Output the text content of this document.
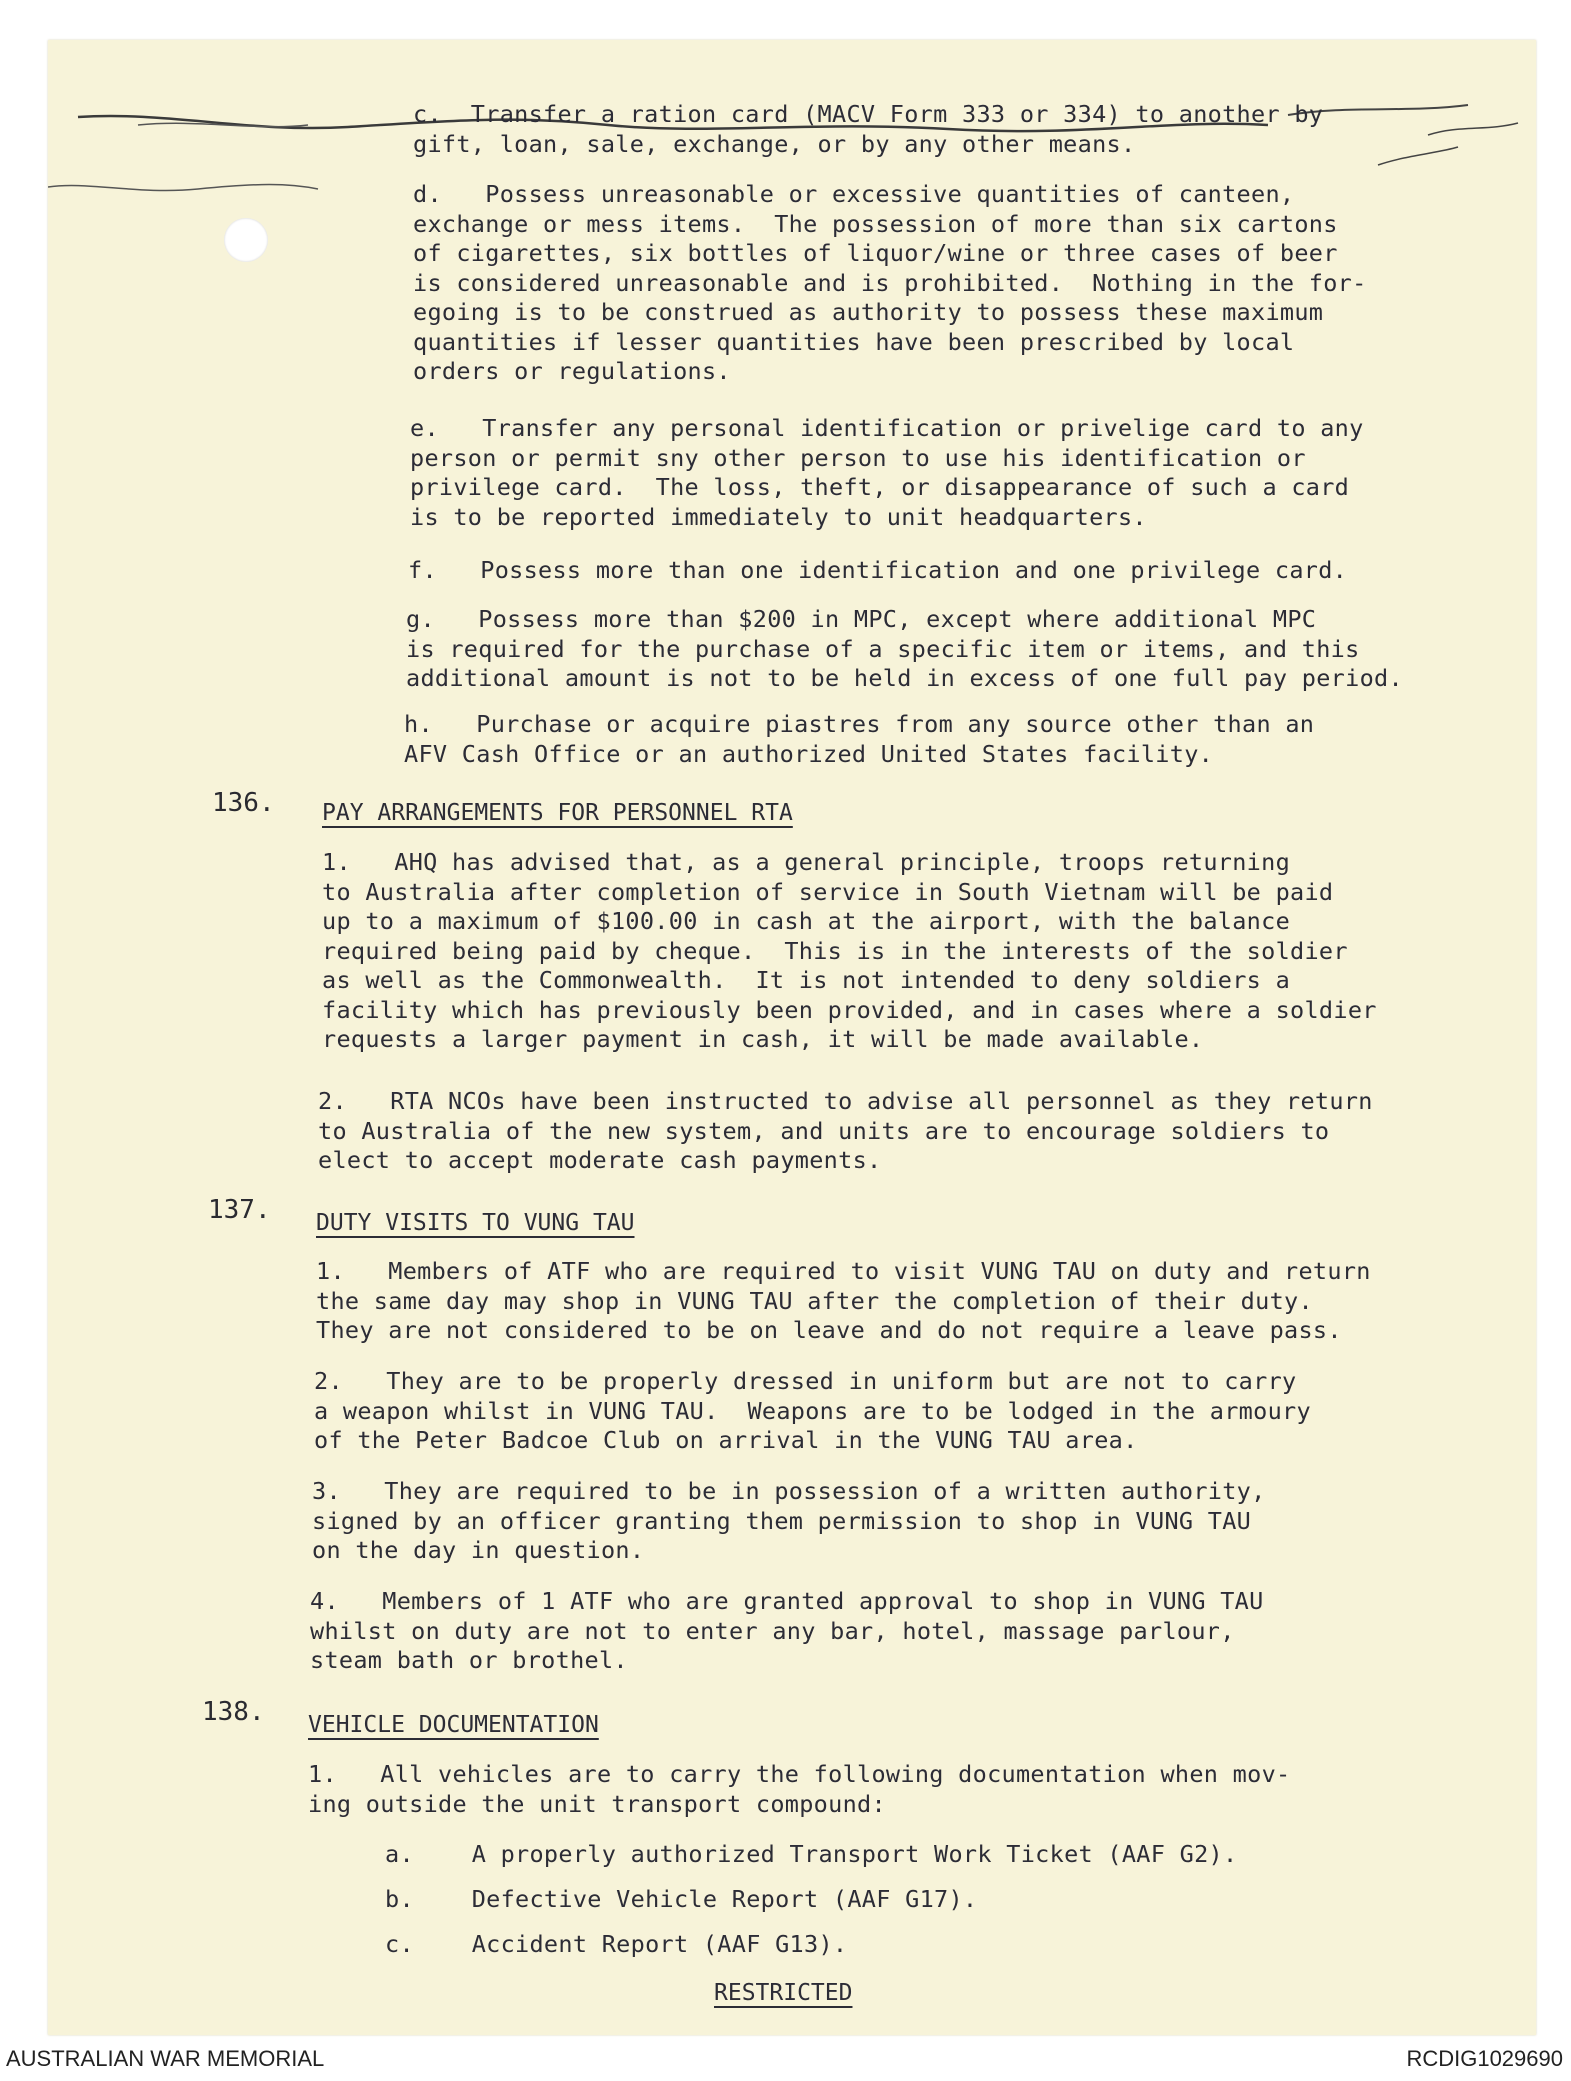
c.  Transfer a ration card (MACV Form 333 or 334) to another by
gift, loan, sale, exchange, or by any other means.
d.   Possess unreasonable or excessive quantities of canteen,
exchange or mess items.  The possession of more than six cartons
of cigarettes, six bottles of liquor/wine or three cases of beer
is considered unreasonable and is prohibited.  Nothing in the for-
egoing is to be construed as authority to possess these maximum
quantities if lesser quantities have been prescribed by local
orders or regulations.
e.   Transfer any personal identification or privelige card to any
person or permit sny other person to use his identification or
privilege card.  The loss, theft, or disappearance of such a card
is to be reported immediately to unit headquarters.
f.   Possess more than one identification and one privilege card.
g.   Possess more than $200 in MPC, except where additional MPC
is required for the purchase of a specific item or items, and this
additional amount is not to be held in excess of one full pay period.
h.   Purchase or acquire piastres from any source other than an
AFV Cash Office or an authorized United States facility.

136. PAY ARRANGEMENTS FOR PERSONNEL RTA

1.   AHQ has advised that, as a general principle, troops returning
to Australia after completion of service in South Vietnam will be paid
up to a maximum of $100.00 in cash at the airport, with the balance
required being paid by cheque.  This is in the interests of the soldier
as well as the Commonwealth.  It is not intended to deny soldiers a
facility which has previously been provided, and in cases where a soldier
requests a larger payment in cash, it will be made available.
2.   RTA NCOs have been instructed to advise all personnel as they return
to Australia of the new system, and units are to encourage soldiers to
elect to accept moderate cash payments.

137. DUTY VISITS TO VUNG TAU

1.   Members of ATF who are required to visit VUNG TAU on duty and return
the same day may shop in VUNG TAU after the completion of their duty.
They are not considered to be on leave and do not require a leave pass.
2.   They are to be properly dressed in uniform but are not to carry
a weapon whilst in VUNG TAU.  Weapons are to be lodged in the armoury
of the Peter Badcoe Club on arrival in the VUNG TAU area.
3.   They are required to be in possession of a written authority,
signed by an officer granting them permission to shop in VUNG TAU
on the day in question.
4.   Members of 1 ATF who are granted approval to shop in VUNG TAU
whilst on duty are not to enter any bar, hotel, massage parlour,
steam bath or brothel.

138. VEHICLE DOCUMENTATION

1.   All vehicles are to carry the following documentation when mov-
ing outside the unit transport compound:
a.    A properly authorized Transport Work Ticket (AAF G2).
b.    Defective Vehicle Report (AAF G17).
c.    Accident Report (AAF G13).

RESTRICTED

AUSTRALIAN WAR MEMORIAL	RCDIG1029690
